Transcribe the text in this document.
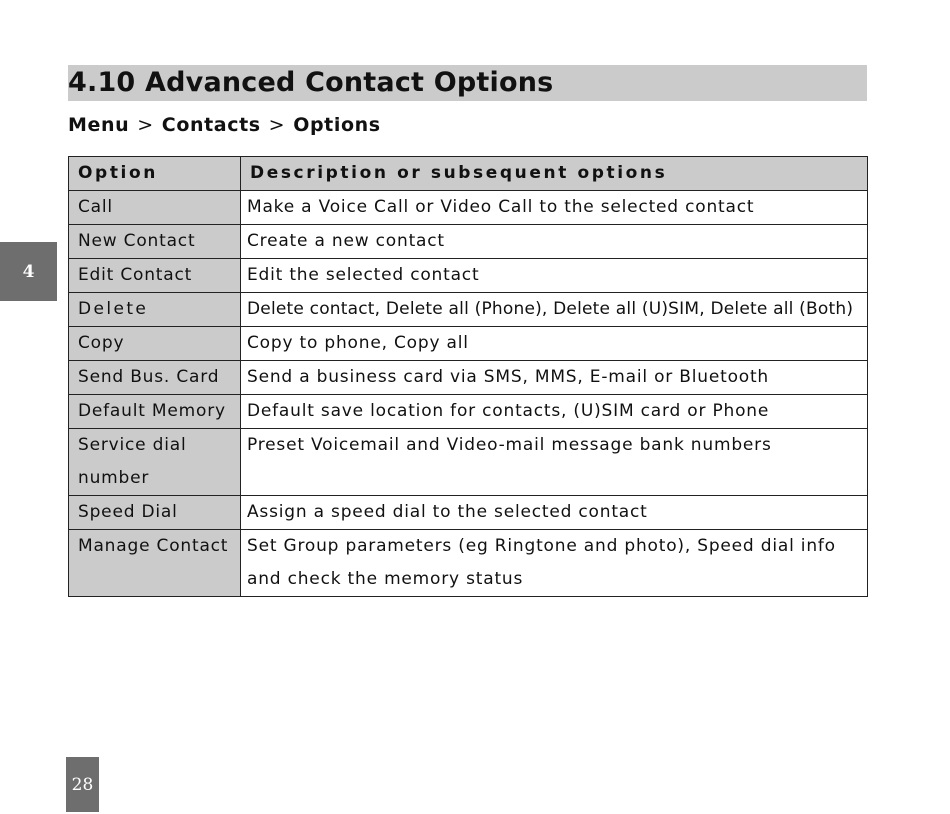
4.10 Advanced Contact Options
Menu > Contacts > Options
4
Option	Description or subsequent options
Call	Make a Voice Call or Video Call to the selected contact
New Contact	Create a new contact
Edit Contact	Edit the selected contact
Delete	Delete contact, Delete all (Phone), Delete all (U)SIM, Delete all (Both)
Copy	Copy to phone, Copy all
Send Bus. Card	Send a business card via SMS, MMS, E-mail or Bluetooth
Default Memory	Default save location for contacts, (U)SIM card or Phone
Service dial number	Preset Voicemail and Video-mail message bank numbers
Speed Dial	Assign a speed dial to the selected contact
Manage Contact	Set Group parameters (eg Ringtone and photo), Speed dial info and check the memory status
28
